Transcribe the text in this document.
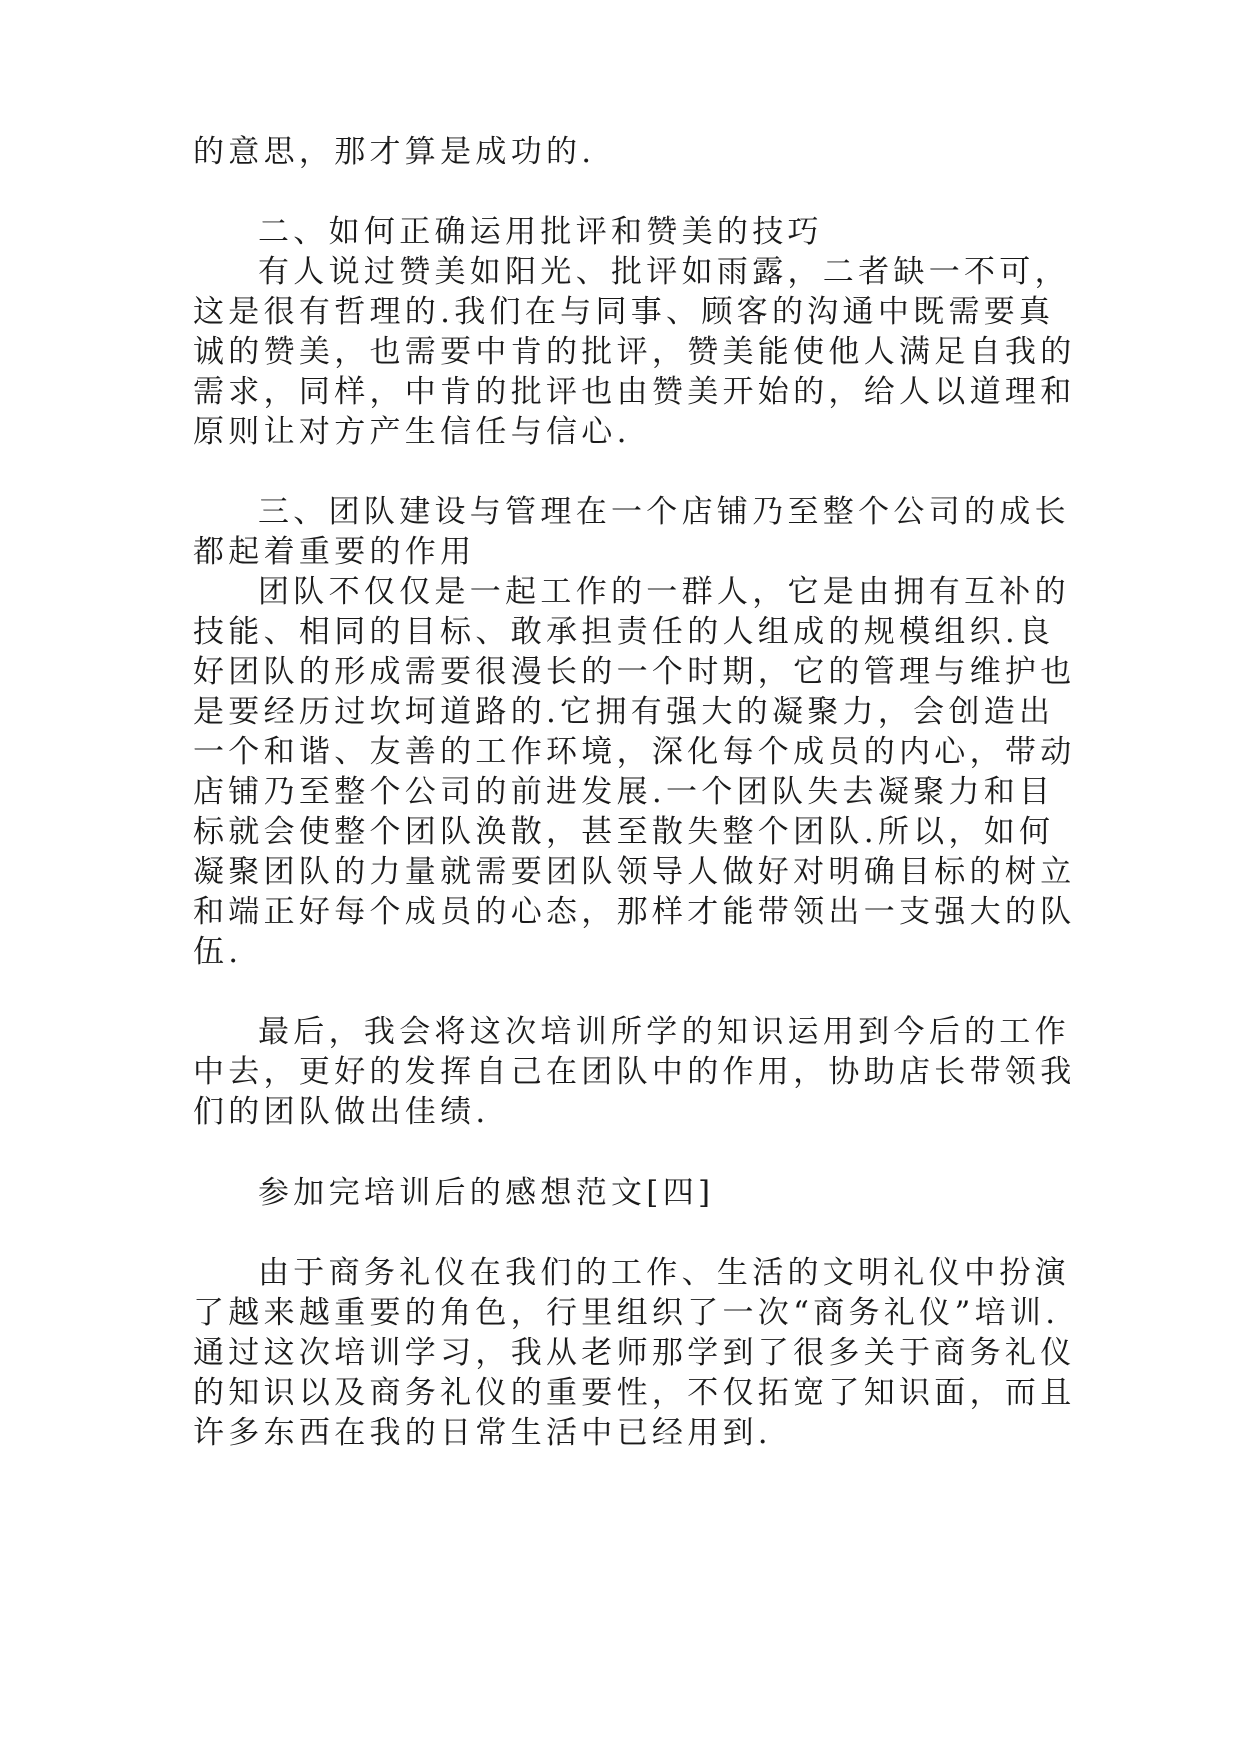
的意思，那才算是成功的.

二、如何正确运用批评和赞美的技巧

有人说过赞美如阳光、批评如雨露，二者缺一不可，

这是很有哲理的.我们在与同事、顾客的沟通中既需要真

诚的赞美，也需要中肯的批评，赞美能使他人满足自我的

需求，同样，中肯的批评也由赞美开始的，给人以道理和

原则让对方产生信任与信心.

三、团队建设与管理在一个店铺乃至整个公司的成长

都起着重要的作用

团队不仅仅是一起工作的一群人，它是由拥有互补的

技能、相同的目标、敢承担责任的人组成的规模组织.良

好团队的形成需要很漫长的一个时期，它的管理与维护也

是要经历过坎坷道路的.它拥有强大的凝聚力，会创造出

一个和谐、友善的工作环境，深化每个成员的内心，带动

店铺乃至整个公司的前进发展.一个团队失去凝聚力和目

标就会使整个团队涣散，甚至散失整个团队.所以，如何

凝聚团队的力量就需要团队领导人做好对明确目标的树立

和端正好每个成员的心态，那样才能带领出一支强大的队

伍.

最后，我会将这次培训所学的知识运用到今后的工作

中去，更好的发挥自己在团队中的作用，协助店长带领我

们的团队做出佳绩.

参加完培训后的感想范文[四]

由于商务礼仪在我们的工作、生活的文明礼仪中扮演

了越来越重要的角色，行里组织了一次“商务礼仪”培训.

通过这次培训学习，我从老师那学到了很多关于商务礼仪

的知识以及商务礼仪的重要性，不仅拓宽了知识面，而且

许多东西在我的日常生活中已经用到.
